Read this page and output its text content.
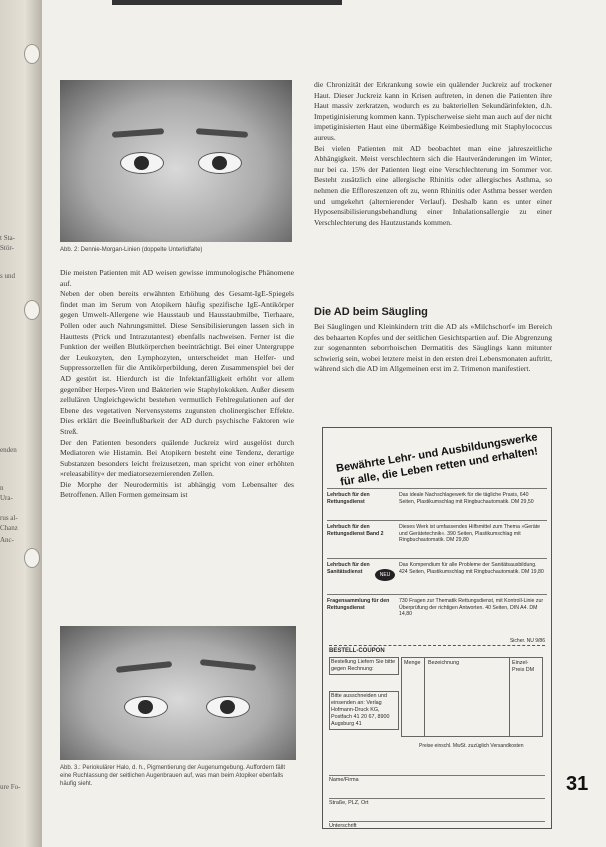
t Sta-
Stör-
s und
enden
n
Ura-
rus al-
Chanz
Anc-
ure Fo-
Abb. 2: Dennie-Morgan-Linien (doppelte Unterlidfalte)

Die meisten Patienten mit AD weisen gewisse immunologische Phänomene auf.

Neben der oben bereits erwähnten Erhöhung des Gesamt-IgE-Spiegels findet man im Serum von Atopikern häufig spezifische IgE-Antikörper gegen Umwelt-Allergene wie Hausstaub und Hausstaubmilbe, Tierhaare, Pollen oder auch Nahrungsmittel. Diese Sensibilisierungen lassen sich in Hauttests (Prick und Intrazutantest) ebenfalls nachweisen. Ferner ist die Funktion der weißen Blutkörperchen beeinträchtigt. Bei einer Untergruppe der Leukozyten, den Lymphozyten, unterscheidet man Helfer- und Suppressorzellen für die Antikörperbildung, deren Zusammenspiel bei der AD gestört ist. Hierdurch ist die Infektanfälligkeit erhöht vor allem gegenüber Herpes-Viren und Bakterien wie Staphylokokken. Außer diesem zellulären Ungleichgewicht bestehen vermutlich Fehlregulationen auf der Ebene des vegetativen Nervensystems zugunsten cholinergischer Effekte. Dies erklärt die Beeinflußbarkeit der AD durch psychische Faktoren wie Streß.

Der den Patienten besonders quälende Juckreiz wird ausgelöst durch Mediatoren wie Histamin. Bei Atopikern besteht eine Tendenz, derartige Substanzen besonders leicht freizusetzen, man spricht von einer erhöhten »releasability« der mediatorsezernierenden Zellen.

Die Morphe der Neurodermitis ist abhängig vom Lebensalter des Betroffenen. Allen Formen gemeinsam ist

Abb. 3.: Periokulärer Halo, d. h., Pigmentierung der Augenumgebung. Auffordern fällt eine Ruchlassung der seitlichen Augenbrauen auf, was man beim Atopiker ebenfalls häufig sieht.

die Chronizität der Erkrankung sowie ein quälender Juckreiz auf trockener Haut. Dieser Juckreiz kann in Krisen auftreten, in denen die Patienten ihre Haut massiv zerkratzen, wodurch es zu bakteriellen Sekundärinfekten, d.h. Impetiginisierung kommen kann. Typischerweise sieht man auch auf der nicht impetiginisierten Haut eine übermäßige Keimbesiedlung mit Staphylococcus aureus.

Bei vielen Patienten mit AD beobachtet man eine jahreszeitliche Abhängigkeit. Meist verschlechtern sich die Hautveränderungen im Winter, nur bei ca. 15% der Patienten liegt eine Verschlechterung im Sommer vor. Besteht zusätzlich eine allergische Rhinitis oder allergisches Asthma, so nehmen die Effloreszenzen oft zu, wenn Rhinitis oder Asthma besser werden und umgekehrt (alternierender Verlauf). Deshalb kann es unter einer Hyposensibilisierungsbehandlung einer Inhalationsallergie zu einer Verschlechterung des Hautzustands kommen.

Die AD beim Säugling
Bei Säuglingen und Kleinkindern tritt die AD als »Milchschorf« im Bereich des behaarten Kopfes und der seitlichen Gesichtspartien auf. Die Abgrenzung zur sogenannten seborrhoischen Dermatitis des Säuglings kann mitunter schwierig sein, wobei letztere meist in den ersten drei Lebensmonaten auftritt, während sich die AD im Allgemeinen erst im 2. Trimenon manifestiert.
Bewährte Lehr- und Ausbildungswerke für alle, die Leben retten und erhalten!
Lehrbuch für den Rettungsdienst
Das ideale Nachschlagewerk für die tägliche Praxis, 640 Seiten, Plastikumschlag mit Ringbuchautomatik. DM 29,50
Lehrbuch für den Rettungsdienst Band 2
Dieses Werk ist umfassendes Hilfsmittel zum Thema »Geräte und Gerätetechnik«. 390 Seiten, Plastikumschlag mit Ringbuchautomatik. DM 29,80
NEU
Lehrbuch für den Sanitätsdienst
Das Kompendium für alle Probleme der Sanitätsausbildung. 424 Seiten, Plastikumschlag mit Ringbuchautomatik. DM 19,80
Fragensammlung für den Rettungsdienst
730 Fragen zur Thematik Rettungsdienst, mit Kontroll-Linie zur Überprüfung der richtigen Antworten. 40 Seiten, DIN A4. DM 14,80
Sicher. NU 9/86
BESTELL-COUPON
Bestellung Liefern Sie bitte gegen Rechnung:
Bitte ausschneiden und einsenden an: Verlag Hofmann-Druck KG, Postfach 41 20 67, 8900 Augsburg 41
Menge Bezeichnung	Einzel-Preis DM
Preise einschl. MwSt. zuzüglich Versandkosten
Name/Firma
Straße, PLZ, Ort
Unterschrift
31
